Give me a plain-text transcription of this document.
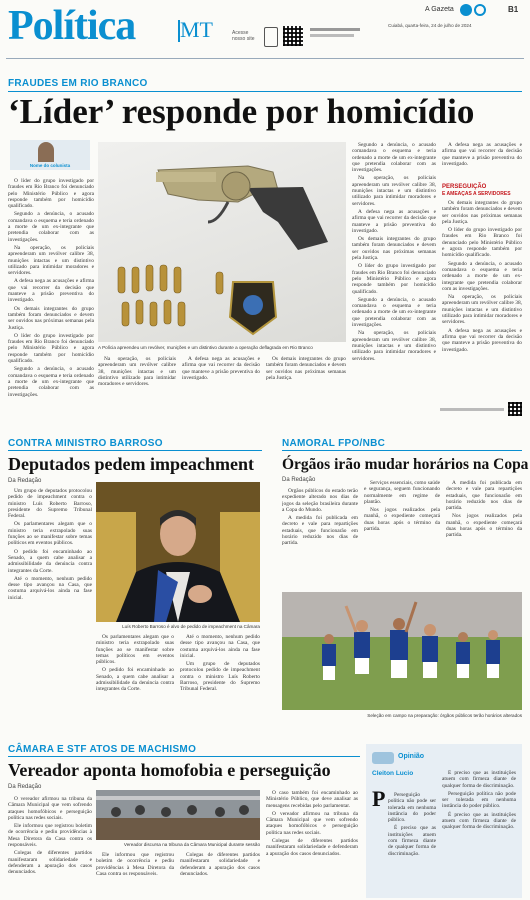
Política MT	Acesse nosso site
A Gazeta	B1
Cuiabá, quarta-feira, 24 de julho de 2024
FRAUDES EM RIO BRANCO
‘Líder’ responde por homicídio
Nome do colunista

O líder do grupo investigado por fraudes em Rio Branco foi denunciado pelo Ministério Público e agora responde também por homicídio qualificado.

Segundo a denúncia, o acusado comandava o esquema e teria ordenado a morte de um ex-integrante que pretendia colaborar com as investigações.

Na operação, os policiais apreenderam um revólver calibre 38, munições intactas e um distintivo utilizado para intimidar moradores e servidores.

A defesa nega as acusações e afirma que vai recorrer da decisão que manteve a prisão preventiva do investigado.

Os demais integrantes do grupo também foram denunciados e devem ser ouvidos nas próximas semanas pela Justiça.

O líder do grupo investigado por fraudes em Rio Branco foi denunciado pelo Ministério Público e agora responde também por homicídio qualificado.

Segundo a denúncia, o acusado comandava o esquema e teria ordenado a morte de um ex-integrante que pretendia colaborar com as investigações.

A Polícia apreendeu um revólver, munições e um distintivo durante a operação deflagrada em Rio Branco

Na operação, os policiais apreenderam um revólver calibre 38, munições intactas e um distintivo utilizado para intimidar moradores e servidores.

A defesa nega as acusações e afirma que vai recorrer da decisão que manteve a prisão preventiva do investigado.

Os demais integrantes do grupo também foram denunciados e devem ser ouvidos nas próximas semanas pela Justiça.

Segundo a denúncia, o acusado comandava o esquema e teria ordenado a morte de um ex-integrante que pretendia colaborar com as investigações.

Na operação, os policiais apreenderam um revólver calibre 38, munições intactas e um distintivo utilizado para intimidar moradores e servidores.

A defesa nega as acusações e afirma que vai recorrer da decisão que manteve a prisão preventiva do investigado.

Os demais integrantes do grupo também foram denunciados e devem ser ouvidos nas próximas semanas pela Justiça.

O líder do grupo investigado por fraudes em Rio Branco foi denunciado pelo Ministério Público e agora responde também por homicídio qualificado.

Segundo a denúncia, o acusado comandava o esquema e teria ordenado a morte de um ex-integrante que pretendia colaborar com as investigações.

Na operação, os policiais apreenderam um revólver calibre 38, munições intactas e um distintivo utilizado para intimidar moradores e servidores.

A defesa nega as acusações e afirma que vai recorrer da decisão que manteve a prisão preventiva do investigado.

PERSEGUIÇÃO
E AMEAÇAS A SERVIDORES

Os demais integrantes do grupo também foram denunciados e devem ser ouvidos nas próximas semanas pela Justiça.

O líder do grupo investigado por fraudes em Rio Branco foi denunciado pelo Ministério Público e agora responde também por homicídio qualificado.

Segundo a denúncia, o acusado comandava o esquema e teria ordenado a morte de um ex-integrante que pretendia colaborar com as investigações.

Na operação, os policiais apreenderam um revólver calibre 38, munições intactas e um distintivo utilizado para intimidar moradores e servidores.

A defesa nega as acusações e afirma que vai recorrer da decisão que manteve a prisão preventiva do investigado.

CONTRA MINISTRO BARROSO
Deputados pedem impeachment
Da Redação

Um grupo de deputados protocolou pedido de impeachment contra o ministro Luís Roberto Barroso, presidente do Supremo Tribunal Federal.

Os parlamentares alegam que o ministro teria extrapolado suas funções ao se manifestar sobre temas políticos em eventos públicos.

O pedido foi encaminhado ao Senado, a quem cabe analisar a admissibilidade da denúncia contra integrantes da Corte.

Até o momento, nenhum pedido desse tipo avançou na Casa, que costuma arquivá-los ainda na fase inicial.

Luís Roberto Barroso é alvo de pedido de impeachment na Câmara

Os parlamentares alegam que o ministro teria extrapolado suas funções ao se manifestar sobre temas políticos em eventos públicos.

O pedido foi encaminhado ao Senado, a quem cabe analisar a admissibilidade da denúncia contra integrantes da Corte.

Até o momento, nenhum pedido desse tipo avançou na Casa, que costuma arquivá-los ainda na fase inicial.

Um grupo de deputados protocolou pedido de impeachment contra o ministro Luís Roberto Barroso, presidente do Supremo Tribunal Federal.

NAMORAL FPO/NBC
Órgãos irão mudar horários na Copa
Da Redação

Órgãos públicos do estado terão expediente alterado nos dias de jogos da seleção brasileira durante a Copa do Mundo.

A medida foi publicada em decreto e vale para repartições estaduais, que funcionarão em horário reduzido nos dias de partida.

Serviços essenciais, como saúde e segurança, seguem funcionando normalmente em regime de plantão.

Nos jogos realizados pela manhã, o expediente começará duas horas após o término da partida.

A medida foi publicada em decreto e vale para repartições estaduais, que funcionarão em horário reduzido nos dias de partida.

Nos jogos realizados pela manhã, o expediente começará duas horas após o término da partida.

Seleção em campo na preparação: órgãos públicos terão horários alterados
CÂMARA E STF ATOS DE MACHISMO
Vereador aponta homofobia e perseguição
Da Redação

O vereador afirmou na tribuna da Câmara Municipal que vem sofrendo ataques homofóbicos e perseguição política nas redes sociais.

Ele informou que registrou boletim de ocorrência e pediu providências à Mesa Diretora da Casa contra os responsáveis.

Colegas de diferentes partidos manifestaram solidariedade e defenderam a apuração dos casos denunciados.

Vereador discursa na tribuna da Câmara Municipal durante sessão

Ele informou que registrou boletim de ocorrência e pediu providências à Mesa Diretora da Casa contra os responsáveis.

Colegas de diferentes partidos manifestaram solidariedade e defenderam a apuração dos casos denunciados.

O caso também foi encaminhado ao Ministério Público, que deve analisar as mensagens recebidas pelo parlamentar.

O vereador afirmou na tribuna da Câmara Municipal que vem sofrendo ataques homofóbicos e perseguição política nas redes sociais.

Colegas de diferentes partidos manifestaram solidariedade e defenderam a apuração dos casos denunciados.

Opinião
Cleiton Lucio
P	Perseguição política não pode ser tolerada em nenhuma instância do poder público.

É preciso que as instituições atuem com firmeza diante de qualquer forma de discriminação.

É preciso que as instituições atuem com firmeza diante de qualquer forma de discriminação.

Perseguição política não pode ser tolerada em nenhuma instância do poder público.

É preciso que as instituições atuem com firmeza diante de qualquer forma de discriminação.
